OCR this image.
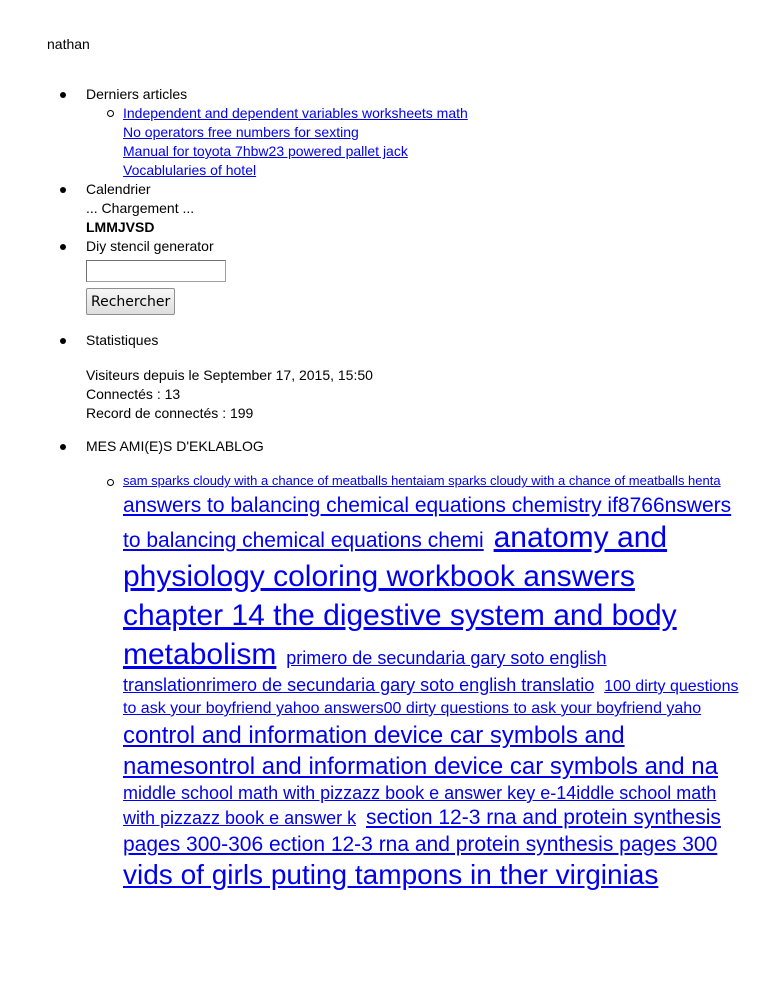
nathan
Derniers articles
Independent and dependent variables worksheets math
No operators free numbers for sexting
Manual for toyota 7hbw23 powered pallet jack
Vocablularies of hotel
Calendrier
... Chargement ...
LMMJVSD
Diy stencil generator
Rechercher
Statistiques
Visiteurs depuis le September 17, 2015, 15:50
Connectés : 13
Record de connectés : 199
MES AMI(E)S D'EKLABLOG
sam sparks cloudy with a chance of meatballs hentaiam sparks cloudy with a chance of meatballs henta answers to balancing chemical equations chemistry if8766nswers to balancing chemical equations chemi anatomy and physiology coloring workbook answers chapter 14 the digestive system and body metabolism primero de secundaria gary soto english translationrimero de secundaria gary soto english translatio 100 dirty questions to ask your boyfriend yahoo answers00 dirty questions to ask your boyfriend yaho control and information device car symbols and namesontrol and information device car symbols and na middle school math with pizzazz book e answer key e-14iddle school math with pizzazz book e answer k section 12-3 rna and protein synthesis pages 300-306 ection 12-3 rna and protein synthesis pages 300 vids of girls puting tampons in ther virginias
